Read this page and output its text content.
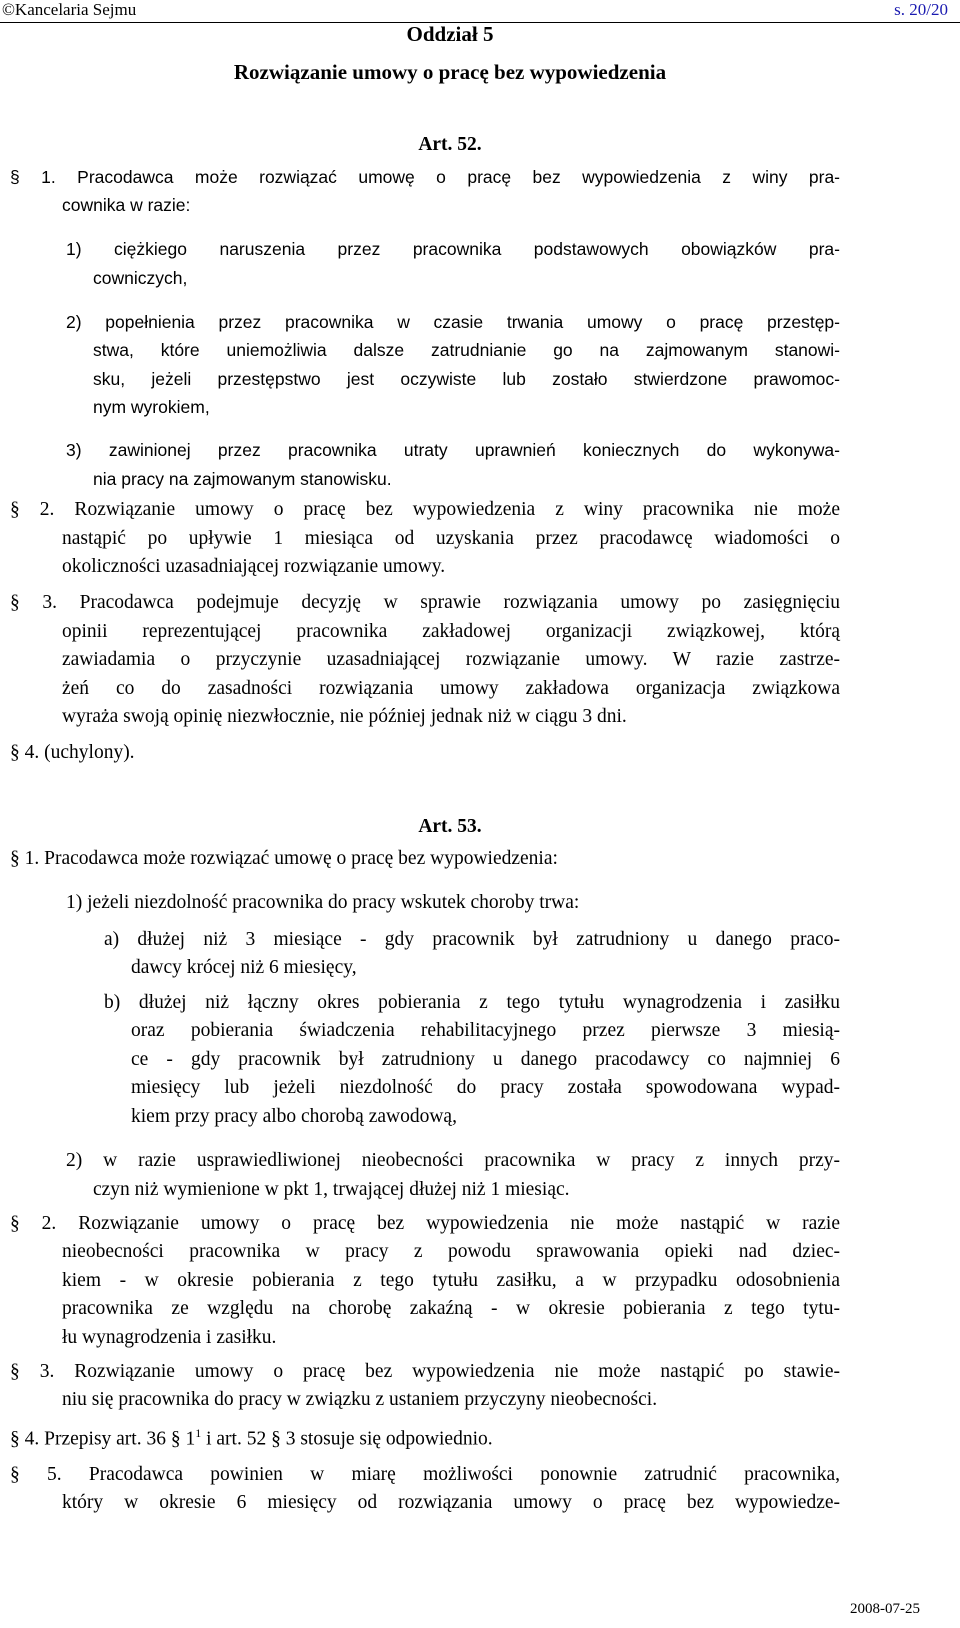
©Kancelaria Sejmu	s. 20/20
Oddział 5
Rozwiązanie umowy o pracę bez wypowiedzenia
Art. 52.
§ 1. Pracodawca może rozwiązać umowę o pracę bez wypowiedzenia z winy pra-
cownika w razie:
1) ciężkiego naruszenia przez pracownika podstawowych obowiązków pra-
cowniczych,
2) popełnienia przez pracownika w czasie trwania umowy o pracę przestęp-
stwa, które uniemożliwia dalsze zatrudnianie go na zajmowanym stanowi-
sku, jeżeli przestępstwo jest oczywiste lub zostało stwierdzone prawomoc-
nym wyrokiem,
3) zawinionej przez pracownika utraty uprawnień koniecznych do wykonywa-
nia pracy na zajmowanym stanowisku.
§ 2. Rozwiązanie umowy o pracę bez wypowiedzenia z winy pracownika nie może
nastąpić po upływie 1 miesiąca od uzyskania przez pracodawcę wiadomości o
okoliczności uzasadniającej rozwiązanie umowy.
§ 3. Pracodawca podejmuje decyzję w sprawie rozwiązania umowy po zasięgnięciu
opinii reprezentującej pracownika zakładowej organizacji związkowej, którą
zawiadamia o przyczynie uzasadniającej rozwiązanie umowy. W razie zastrze-
żeń co do zasadności rozwiązania umowy zakładowa organizacja związkowa
wyraża swoją opinię niezwłocznie, nie później jednak niż w ciągu 3 dni.
§ 4. (uchylony).
Art. 53.
§ 1. Pracodawca może rozwiązać umowę o pracę bez wypowiedzenia:
1) jeżeli niezdolność pracownika do pracy wskutek choroby trwa:
a) dłużej niż 3 miesiące - gdy pracownik był zatrudniony u danego praco-
dawcy krócej niż 6 miesięcy,
b) dłużej niż łączny okres pobierania z tego tytułu wynagrodzenia i zasiłku
oraz pobierania świadczenia rehabilitacyjnego przez pierwsze 3 miesią-
ce - gdy pracownik był zatrudniony u danego pracodawcy co najmniej 6
miesięcy lub jeżeli niezdolność do pracy została spowodowana wypad-
kiem przy pracy albo chorobą zawodową,
2) w razie usprawiedliwionej nieobecności pracownika w pracy z innych przy-
czyn niż wymienione w pkt 1, trwającej dłużej niż 1 miesiąc.
§ 2. Rozwiązanie umowy o pracę bez wypowiedzenia nie może nastąpić w razie
nieobecności pracownika w pracy z powodu sprawowania opieki nad dziec-
kiem - w okresie pobierania z tego tytułu zasiłku, a w przypadku odosobnienia
pracownika ze względu na chorobę zakaźną - w okresie pobierania z tego tytu-
łu wynagrodzenia i zasiłku.
§ 3. Rozwiązanie umowy o pracę bez wypowiedzenia nie może nastąpić po stawie-
niu się pracownika do pracy w związku z ustaniem przyczyny nieobecności.
§ 4. Przepisy art. 36 § $1^1$ i art. 52 § 3 stosuje się odpowiednio.
§ 5. Pracodawca powinien w miarę możliwości ponownie zatrudnić pracownika,
który w okresie 6 miesięcy od rozwiązania umowy o pracę bez wypowiedze-
2008-07-25
